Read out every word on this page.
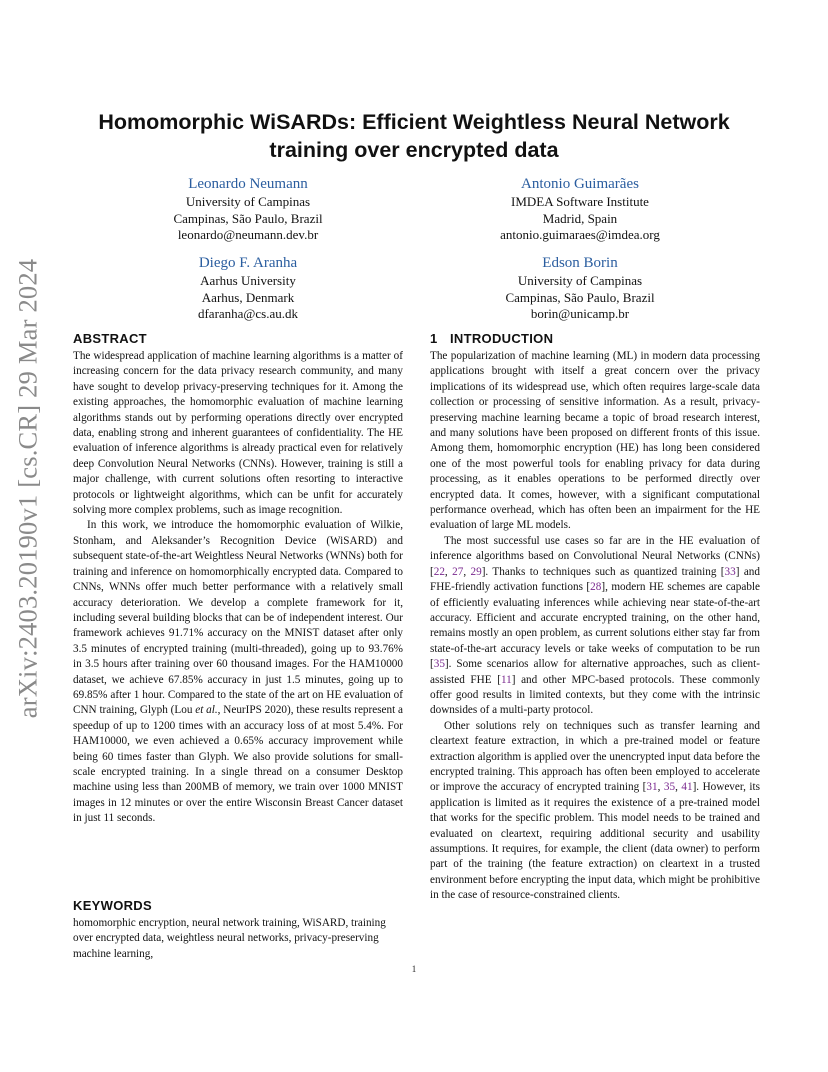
arXiv:2403.20190v1 [cs.CR] 29 Mar 2024
Homomorphic WiSARDs: Efficient Weightless Neural Network
training over encrypted data
Leonardo Neumann
University of Campinas
Campinas, São Paulo, Brazil
leonardo@neumann.dev.br
Antonio Guimarães
IMDEA Software Institute
Madrid, Spain
antonio.guimaraes@imdea.org
Diego F. Aranha
Aarhus University
Aarhus, Denmark
dfaranha@cs.au.dk
Edson Borin
University of Campinas
Campinas, São Paulo, Brazil
borin@unicamp.br
ABSTRACT

The widespread application of machine learning algorithms is a matter of increasing concern for the data privacy research community, and many have sought to develop privacy-preserving techniques for it. Among the existing approaches, the homomorphic evaluation of machine learning algorithms stands out by performing operations directly over encrypted data, enabling strong and inherent guarantees of confidentiality. The HE evaluation of inference algorithms is already practical even for relatively deep Convolution Neural Networks (CNNs). However, training is still a major challenge, with current solutions often resorting to interactive protocols or lightweight algorithms, which can be unfit for accurately solving more complex problems, such as image recognition.

In this work, we introduce the homomorphic evaluation of Wilkie, Stonham, and Aleksander’s Recognition Device (WiSARD) and subsequent state-of-the-art Weightless Neural Networks (WNNs) both for training and inference on homomorphically encrypted data. Compared to CNNs, WNNs offer much better performance with a relatively small accuracy deterioration. We develop a complete framework for it, including several building blocks that can be of independent interest. Our framework achieves 91.71% accuracy on the MNIST dataset after only 3.5 minutes of encrypted training (multi-threaded), going up to 93.76% in 3.5 hours after training over 60 thousand images. For the HAM10000 dataset, we achieve 67.85% accuracy in just 1.5 minutes, going up to 69.85% after 1 hour. Compared to the state of the art on HE evaluation of CNN training, Glyph (Lou et al., NeurIPS 2020), these results represent a speedup of up to 1200 times with an accuracy loss of at most 5.4%. For HAM10000, we even achieved a 0.65% accuracy improvement while being 60 times faster than Glyph. We also provide solutions for small-scale encrypted training. In a single thread on a consumer Desktop machine using less than 200MB of memory, we train over 1000 MNIST images in 12 minutes or over the entire Wisconsin Breast Cancer dataset in just 11 seconds.

KEYWORDS

homomorphic encryption, neural network training, WiSARD, training over encrypted data, weightless neural networks, privacy-preserving machine learning,

1 INTRODUCTION

The popularization of machine learning (ML) in modern data processing applications brought with itself a great concern over the privacy implications of its widespread use, which often requires large-scale data collection or processing of sensitive information. As a result, privacy-preserving machine learning became a topic of broad research interest, and many solutions have been proposed on different fronts of this issue. Among them, homomorphic encryption (HE) has long been considered one of the most powerful tools for enabling privacy for data during processing, as it enables operations to be performed directly over encrypted data. It comes, however, with a significant computational performance overhead, which has often been an impairment for the HE evaluation of large ML models.

The most successful use cases so far are in the HE evaluation of inference algorithms based on Convolutional Neural Networks (CNNs) [22, 27, 29]. Thanks to techniques such as quantized training [33] and FHE-friendly activation functions [28], modern HE schemes are capable of efficiently evaluating inferences while achieving near state-of-the-art accuracy. Efficient and accurate encrypted training, on the other hand, remains mostly an open problem, as current solutions either stay far from state-of-the-art accuracy levels or take weeks of computation to be run [35]. Some scenarios allow for alternative approaches, such as client-assisted FHE [11] and other MPC-based protocols. These commonly offer good results in limited contexts, but they come with the intrinsic downsides of a multi-party protocol.

Other solutions rely on techniques such as transfer learning and cleartext feature extraction, in which a pre-trained model or feature extraction algorithm is applied over the unencrypted input data before the encrypted training. This approach has often been employed to accelerate or improve the accuracy of encrypted training [31, 35, 41]. However, its application is limited as it requires the existence of a pre-trained model that works for the specific problem. This model needs to be trained and evaluated on cleartext, requiring additional security and usability assumptions. It requires, for example, the client (data owner) to perform part of the training (the feature extraction) on cleartext in a trusted environment before encrypting the input data, which might be prohibitive in the case of resource-constrained clients.

1
